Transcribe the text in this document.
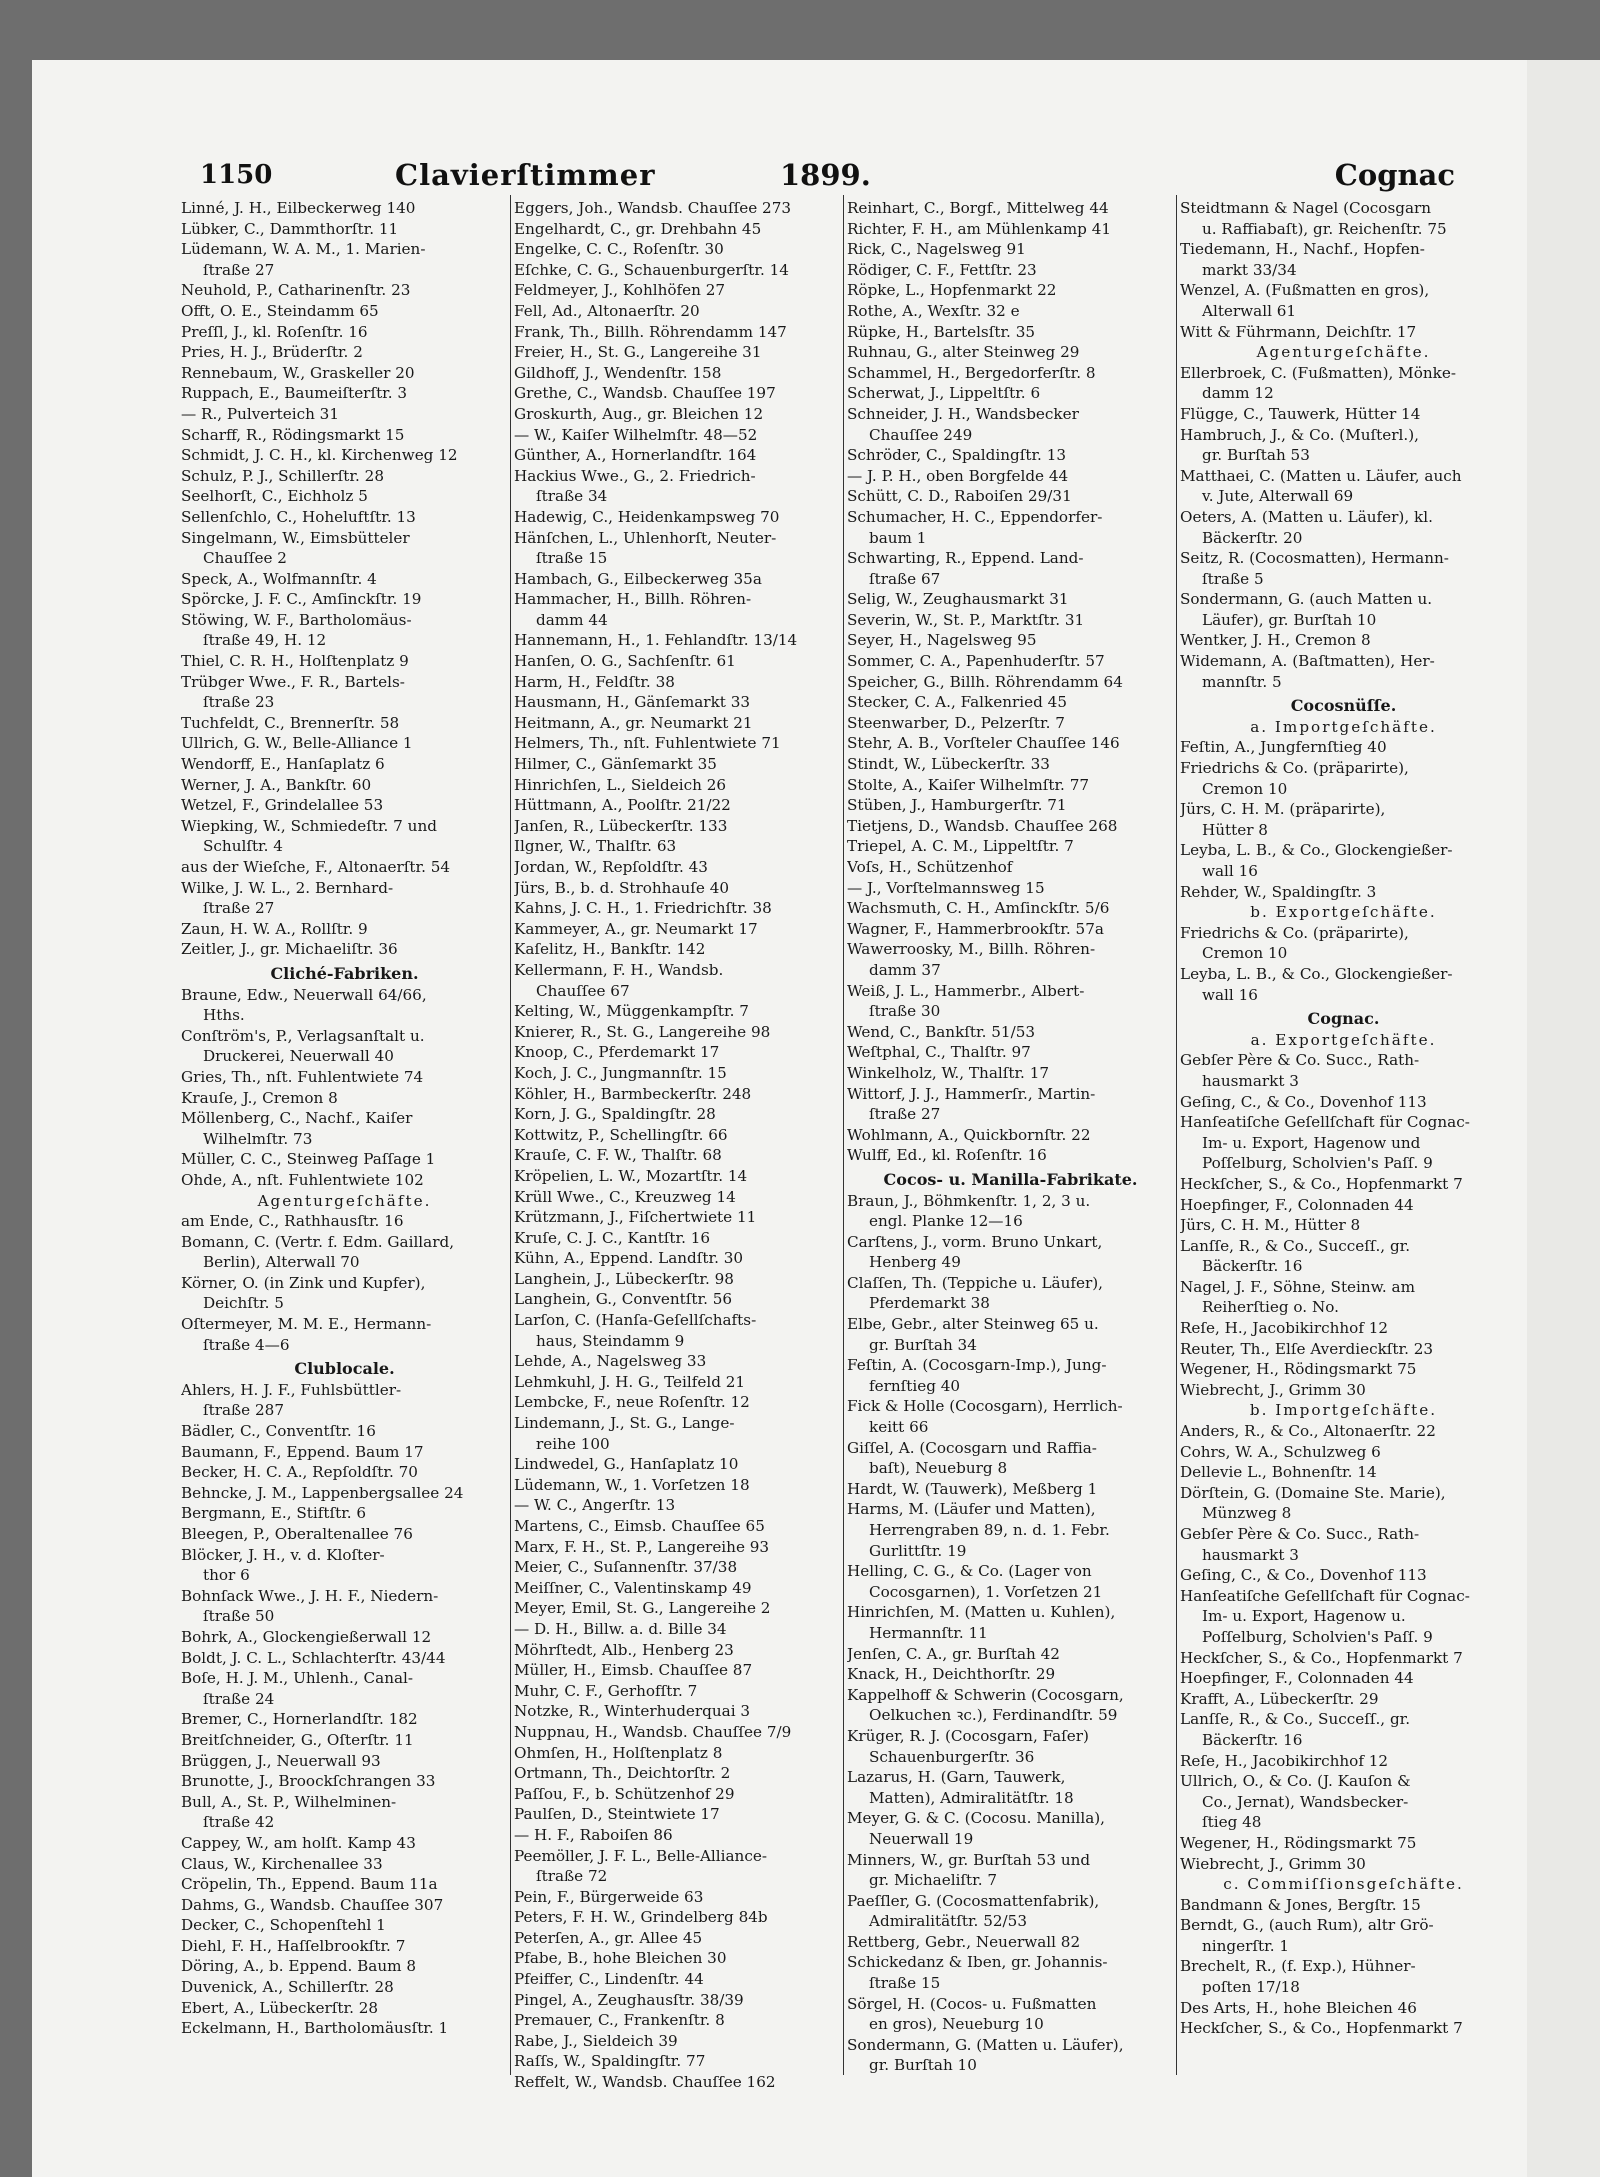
1150	Clavierſtimmer	1899.	Cognac
Linné, J. H., Eilbeckerweg 140
Lübker, C., Dammthorſtr. 11
Lüdemann, W. A. M., 1. Marien-
ſtraße 27
Neuhold, P., Catharinenſtr. 23
Offt, O. E., Steindamm 65
Preſſl, J., kl. Roſenſtr. 16
Pries, H. J., Brüderſtr. 2
Rennebaum, W., Graskeller 20
Ruppach, E., Baumeiſterſtr. 3
— R., Pulverteich 31
Scharff, R., Rödingsmarkt 15
Schmidt, J. C. H., kl. Kirchenweg 12
Schulz, P. J., Schillerſtr. 28
Seelhorſt, C., Eichholz 5
Sellenſchlo, C., Hoheluftſtr. 13
Singelmann, W., Eimsbütteler
Chauſſee 2
Speck, A., Wolfmannſtr. 4
Spörcke, J. F. C., Amſinckſtr. 19
Stöwing, W. F., Bartholomäus-
ſtraße 49, H. 12
Thiel, C. R. H., Holſtenplatz 9
Trübger Wwe., F. R., Bartels-
ſtraße 23
Tuchfeldt, C., Brennerſtr. 58
Ullrich, G. W., Belle-Alliance 1
Wendorff, E., Hanſaplatz 6
Werner, J. A., Bankſtr. 60
Wetzel, F., Grindelallee 53
Wiepking, W., Schmiedeſtr. 7 und
Schulſtr. 4
aus der Wieſche, F., Altonaerſtr. 54
Wilke, J. W. L., 2. Bernhard-
ſtraße 27
Zaun, H. W. A., Rollſtr. 9
Zeitler, J., gr. Michaeliſtr. 36
Cliché-Fabriken.
Braune, Edw., Neuerwall 64/66,
Hths.
Conſtröm's, P., Verlagsanſtalt u.
Druckerei, Neuerwall 40
Gries, Th., nſt. Fuhlentwiete 74
Krauſe, J., Cremon 8
Möllenberg, C., Nachf., Kaiſer
Wilhelmſtr. 73
Müller, C. C., Steinweg Paſſage 1
Ohde, A., nſt. Fuhlentwiete 102
Agenturgeſchäfte.
am Ende, C., Rathhausſtr. 16
Bomann, C. (Vertr. f. Edm. Gaillard,
Berlin), Alterwall 70
Körner, O. (in Zink und Kupfer),
Deichſtr. 5
Oſtermeyer, M. M. E., Hermann-
ſtraße 4—6
Clublocale.
Ahlers, H. J. F., Fuhlsbüttler-
ſtraße 287
Bädler, C., Conventſtr. 16
Baumann, F., Eppend. Baum 17
Becker, H. C. A., Repſoldſtr. 70
Behncke, J. M., Lappenbergsallee 24
Bergmann, E., Stiftſtr. 6
Bleegen, P., Oberaltenallee 76
Blöcker, J. H., v. d. Kloſter-
thor 6
Bohnſack Wwe., J. H. F., Niedern-
ſtraße 50
Bohrk, A., Glockengießerwall 12
Boldt, J. C. L., Schlachterſtr. 43/44
Boſe, H. J. M., Uhlenh., Canal-
ſtraße 24
Bremer, C., Hornerlandſtr. 182
Breitſchneider, G., Oſterſtr. 11
Brüggen, J., Neuerwall 93
Brunotte, J., Broockſchrangen 33
Bull, A., St. P., Wilhelminen-
ſtraße 42
Cappey, W., am holſt. Kamp 43
Claus, W., Kirchenallee 33
Cröpelin, Th., Eppend. Baum 11a
Dahms, G., Wandsb. Chauſſee 307
Decker, C., Schopenſtehl 1
Diehl, F. H., Haſſelbrookſtr. 7
Döring, A., b. Eppend. Baum 8
Duvenick, A., Schillerſtr. 28
Ebert, A., Lübeckerſtr. 28
Eckelmann, H., Bartholomäusſtr. 1
Eggers, Joh., Wandsb. Chauſſee 273
Engelhardt, C., gr. Drehbahn 45
Engelke, C. C., Roſenſtr. 30
Eſchke, C. G., Schauenburgerſtr. 14
Feldmeyer, J., Kohlhöfen 27
Fell, Ad., Altonaerſtr. 20
Frank, Th., Billh. Röhrendamm 147
Freier, H., St. G., Langereihe 31
Gildhoff, J., Wendenſtr. 158
Grethe, C., Wandsb. Chauſſee 197
Groskurth, Aug., gr. Bleichen 12
— W., Kaiſer Wilhelmſtr. 48—52
Günther, A., Hornerlandſtr. 164
Hackius Wwe., G., 2. Friedrich-
ſtraße 34
Hadewig, C., Heidenkampsweg 70
Hänſchen, L., Uhlenhorſt, Neuter-
ſtraße 15
Hambach, G., Eilbeckerweg 35a
Hammacher, H., Billh. Röhren-
damm 44
Hannemann, H., 1. Fehlandſtr. 13/14
Hanſen, O. G., Sachſenſtr. 61
Harm, H., Feldſtr. 38
Hausmann, H., Gänſemarkt 33
Heitmann, A., gr. Neumarkt 21
Helmers, Th., nſt. Fuhlentwiete 71
Hilmer, C., Gänſemarkt 35
Hinrichſen, L., Sieldeich 26
Hüttmann, A., Poolſtr. 21/22
Janſen, R., Lübeckerſtr. 133
Ilgner, W., Thalſtr. 63
Jordan, W., Repſoldſtr. 43
Jürs, B., b. d. Strohhauſe 40
Kahns, J. C. H., 1. Friedrichſtr. 38
Kammeyer, A., gr. Neumarkt 17
Kaſelitz, H., Bankſtr. 142
Kellermann, F. H., Wandsb.
Chauſſee 67
Kelting, W., Müggenkampſtr. 7
Knierer, R., St. G., Langereihe 98
Knoop, C., Pferdemarkt 17
Koch, J. C., Jungmannſtr. 15
Köhler, H., Barmbeckerſtr. 248
Korn, J. G., Spaldingſtr. 28
Kottwitz, P., Schellingſtr. 66
Krauſe, C. F. W., Thalſtr. 68
Kröpelien, L. W., Mozartſtr. 14
Krüll Wwe., C., Kreuzweg 14
Krützmann, J., Fiſchertwiete 11
Kruſe, C. J. C., Kantſtr. 16
Kühn, A., Eppend. Landſtr. 30
Langhein, J., Lübeckerſtr. 98
Langhein, G., Conventſtr. 56
Larſon, C. (Hanſa-Geſellſchafts-
haus, Steindamm 9
Lehde, A., Nagelsweg 33
Lehmkuhl, J. H. G., Teilfeld 21
Lembcke, F., neue Roſenſtr. 12
Lindemann, J., St. G., Lange-
reihe 100
Lindwedel, G., Hanſaplatz 10
Lüdemann, W., 1. Vorſetzen 18
— W. C., Angerſtr. 13
Martens, C., Eimsb. Chauſſee 65
Marx, F. H., St. P., Langereihe 93
Meier, C., Suſannenſtr. 37/38
Meiſſner, C., Valentinskamp 49
Meyer, Emil, St. G., Langereihe 2
— D. H., Billw. a. d. Bille 34
Möhrſtedt, Alb., Henberg 23
Müller, H., Eimsb. Chauſſee 87
Muhr, C. F., Gerhofſtr. 7
Notzke, R., Winterhuderquai 3
Nuppnau, H., Wandsb. Chauſſee 7/9
Ohmſen, H., Holſtenplatz 8
Ortmann, Th., Deichtorſtr. 2
Paſſou, F., b. Schützenhof 29
Paulſen, D., Steintwiete 17
— H. F., Raboiſen 86
Peemöller, J. F. L., Belle-Alliance-
ſtraße 72
Pein, F., Bürgerweide 63
Peters, F. H. W., Grindelberg 84b
Peterſen, A., gr. Allee 45
Pfabe, B., hohe Bleichen 30
Pfeiffer, C., Lindenſtr. 44
Pingel, A., Zeughausſtr. 38/39
Premauer, C., Frankenſtr. 8
Rabe, J., Sieldeich 39
Raſſs, W., Spaldingſtr. 77
Reffelt, W., Wandsb. Chauſſee 162
Reinhart, C., Borgf., Mittelweg 44
Richter, F. H., am Mühlenkamp 41
Rick, C., Nagelsweg 91
Rödiger, C. F., Fettſtr. 23
Röpke, L., Hopfenmarkt 22
Rothe, A., Wexſtr. 32 e
Rüpke, H., Bartelsſtr. 35
Ruhnau, G., alter Steinweg 29
Schammel, H., Bergedorferſtr. 8
Scherwat, J., Lippeltſtr. 6
Schneider, J. H., Wandsbecker
Chauſſee 249
Schröder, C., Spaldingſtr. 13
— J. P. H., oben Borgfelde 44
Schütt, C. D., Raboiſen 29/31
Schumacher, H. C., Eppendorfer-
baum 1
Schwarting, R., Eppend. Land-
ſtraße 67
Selig, W., Zeughausmarkt 31
Severin, W., St. P., Marktſtr. 31
Seyer, H., Nagelsweg 95
Sommer, C. A., Papenhuderſtr. 57
Speicher, G., Billh. Röhrendamm 64
Stecker, C. A., Falkenried 45
Steenwarber, D., Pelzerſtr. 7
Stehr, A. B., Vorſteler Chauſſee 146
Stindt, W., Lübeckerſtr. 33
Stolte, A., Kaiſer Wilhelmſtr. 77
Stüben, J., Hamburgerſtr. 71
Tietjens, D., Wandsb. Chauſſee 268
Triepel, A. C. M., Lippeltſtr. 7
Voſs, H., Schützenhof
— J., Vorſtelmannsweg 15
Wachsmuth, C. H., Amſinckſtr. 5/6
Wagner, F., Hammerbrookſtr. 57a
Wawerroosky, M., Billh. Röhren-
damm 37
Weiß, J. L., Hammerbr., Albert-
ſtraße 30
Wend, C., Bankſtr. 51/53
Weſtphal, C., Thalſtr. 97
Winkelholz, W., Thalſtr. 17
Wittorf, J. J., Hammerſr., Martin-
ſtraße 27
Wohlmann, A., Quickbornſtr. 22
Wulff, Ed., kl. Roſenſtr. 16
Cocos- u. Manilla-Fabrikate.
Braun, J., Böhmkenſtr. 1, 2, 3 u.
engl. Planke 12—16
Carſtens, J., vorm. Bruno Unkart,
Henberg 49
Claſſen, Th. (Teppiche u. Läufer),
Pferdemarkt 38
Elbe, Gebr., alter Steinweg 65 u.
gr. Burſtah 34
Feſtin, A. (Cocosgarn-Imp.), Jung-
fernſtieg 40
Fick & Holle (Cocosgarn), Herrlich-
keitt 66
Giſſel, A. (Cocosgarn und Raffia-
baſt), Neueburg 8
Hardt, W. (Tauwerk), Meßberg 1
Harms, M. (Läufer und Matten),
Herrengraben 89, n. d. 1. Febr.
Gurlittſtr. 19
Helling, C. G., & Co. (Lager von
Cocosgarnen), 1. Vorſetzen 21
Hinrichſen, M. (Matten u. Kuhlen),
Hermannſtr. 11
Jenſen, C. A., gr. Burſtah 42
Knack, H., Deichthorſtr. 29
Kappelhoff & Schwerin (Cocosgarn,
Oelkuchen ꝛc.), Ferdinandſtr. 59
Krüger, R. J. (Cocosgarn, Faſer)
Schauenburgerſtr. 36
Lazarus, H. (Garn, Tauwerk,
Matten), Admiralitätſtr. 18
Meyer, G. & C. (Cocosu. Manilla),
Neuerwall 19
Minners, W., gr. Burſtah 53 und
gr. Michaeliſtr. 7
Paeſſler, G. (Cocosmattenfabrik),
Admiralitätſtr. 52/53
Rettberg, Gebr., Neuerwall 82
Schickedanz & Iben, gr. Johannis-
ſtraße 15
Sörgel, H. (Cocos- u. Fußmatten
en gros), Neueburg 10
Sondermann, G. (Matten u. Läufer),
gr. Burſtah 10
Steidtmann & Nagel (Cocosgarn
u. Raffiabaſt), gr. Reichenſtr. 75
Tiedemann, H., Nachf., Hopfen-
markt 33/34
Wenzel, A. (Fußmatten en gros),
Alterwall 61
Witt & Führmann, Deichſtr. 17
Agenturgeſchäfte.
Ellerbroek, C. (Fußmatten), Mönke-
damm 12
Flügge, C., Tauwerk, Hütter 14
Hambruch, J., & Co. (Muſterl.),
gr. Burſtah 53
Matthaei, C. (Matten u. Läufer, auch
v. Jute, Alterwall 69
Oeters, A. (Matten u. Läufer), kl.
Bäckerſtr. 20
Seitz, R. (Cocosmatten), Hermann-
ſtraße 5
Sondermann, G. (auch Matten u.
Läufer), gr. Burſtah 10
Wentker, J. H., Cremon 8
Widemann, A. (Baſtmatten), Her-
mannſtr. 5
Cocosnüſſe.
a. Importgeſchäfte.
Feſtin, A., Jungfernſtieg 40
Friedrichs & Co. (präparirte),
Cremon 10
Jürs, C. H. M. (präparirte),
Hütter 8
Leyba, L. B., & Co., Glockengießer-
wall 16
Rehder, W., Spaldingſtr. 3
b. Exportgeſchäfte.
Friedrichs & Co. (präparirte),
Cremon 10
Leyba, L. B., & Co., Glockengießer-
wall 16
Cognac.
a. Exportgeſchäfte.
Gebſer Père & Co. Succ., Rath-
hausmarkt 3
Geſing, C., & Co., Dovenhof 113
Hanſeatiſche Geſellſchaft für Cognac-
Im- u. Export, Hagenow und
Poſſelburg, Scholvien's Paſſ. 9
Heckſcher, S., & Co., Hopfenmarkt 7
Hoepfinger, F., Colonnaden 44
Jürs, C. H. M., Hütter 8
Lanſſe, R., & Co., Succeſſ., gr.
Bäckerſtr. 16
Nagel, J. F., Söhne, Steinw. am
Reiherſtieg o. No.
Reſe, H., Jacobikirchhof 12
Reuter, Th., Elſe Averdieckſtr. 23
Wegener, H., Rödingsmarkt 75
Wiebrecht, J., Grimm 30
b. Importgeſchäfte.
Anders, R., & Co., Altonaerſtr. 22
Cohrs, W. A., Schulzweg 6
Dellevie L., Bohnenſtr. 14
Dörſtein, G. (Domaine Ste. Marie),
Münzweg 8
Gebſer Père & Co. Succ., Rath-
hausmarkt 3
Geſing, C., & Co., Dovenhof 113
Hanſeatiſche Geſellſchaft für Cognac-
Im- u. Export, Hagenow u.
Poſſelburg, Scholvien's Paſſ. 9
Heckſcher, S., & Co., Hopfenmarkt 7
Hoepfinger, F., Colonnaden 44
Krafft, A., Lübeckerſtr. 29
Lanſſe, R., & Co., Succeſſ., gr.
Bäckerſtr. 16
Reſe, H., Jacobikirchhof 12
Ullrich, O., & Co. (J. Kauſon &
Co., Jernat), Wandsbecker-
ſtieg 48
Wegener, H., Rödingsmarkt 75
Wiebrecht, J., Grimm 30
c. Commiſſionsgeſchäfte.
Bandmann & Jones, Bergſtr. 15
Berndt, G., (auch Rum), altr Grö-
ningerſtr. 1
Brechelt, R., (f. Exp.), Hühner-
poſten 17/18
Des Arts, H., hohe Bleichen 46
Heckſcher, S., & Co., Hopfenmarkt 7
